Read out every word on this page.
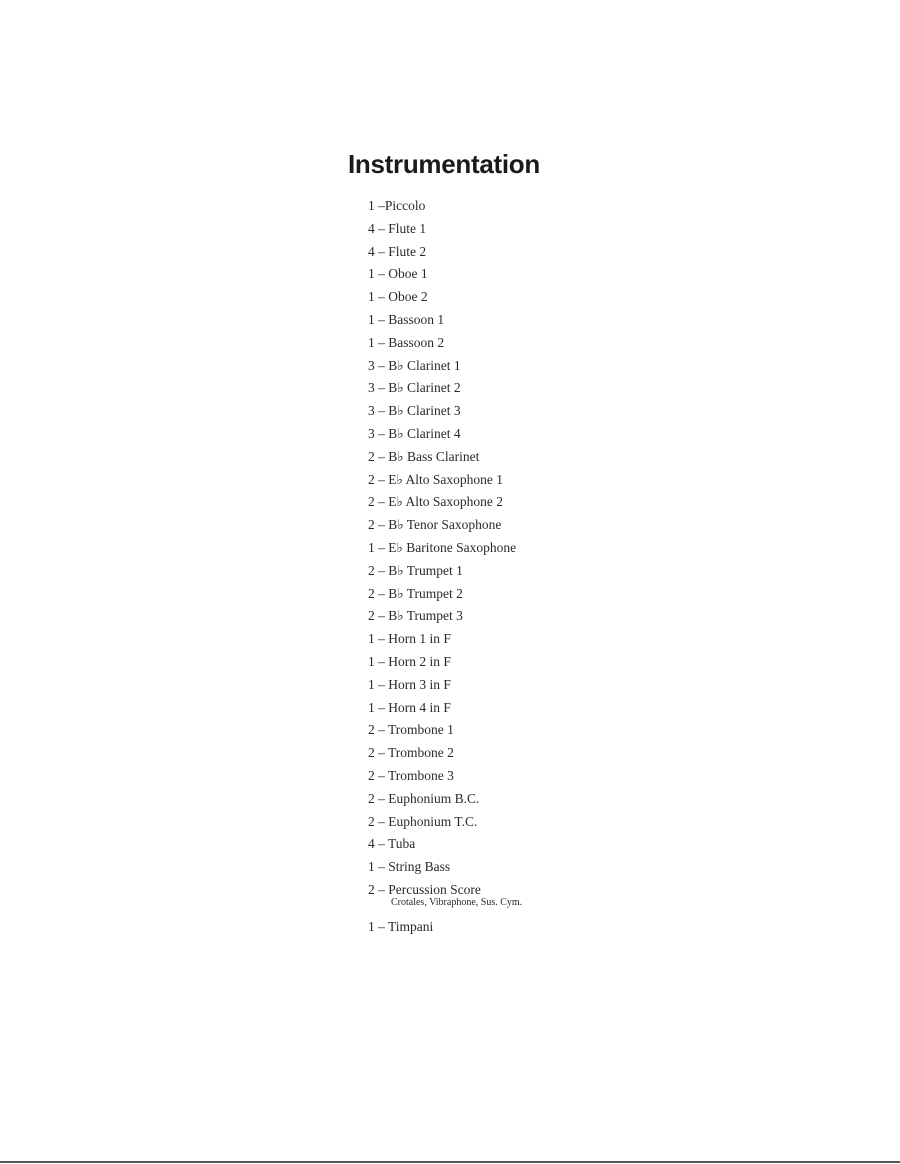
Instrumentation
1 –Piccolo
4 – Flute 1
4 – Flute 2
1 – Oboe 1
1 – Oboe 2
1 – Bassoon 1
1 – Bassoon 2
3 – B♭ Clarinet 1
3 – B♭ Clarinet 2
3 – B♭ Clarinet 3
3 – B♭ Clarinet 4
2 – B♭ Bass Clarinet
2 – E♭ Alto Saxophone 1
2 – E♭ Alto Saxophone 2
2 – B♭ Tenor Saxophone
1 – E♭ Baritone Saxophone
2 – B♭ Trumpet 1
2 – B♭ Trumpet 2
2 – B♭ Trumpet 3
1 – Horn 1 in F
1 – Horn 2 in F
1 – Horn 3 in F
1 – Horn 4 in F
2 – Trombone 1
2 – Trombone 2
2 – Trombone 3
2 – Euphonium B.C.
2 – Euphonium T.C.
4 – Tuba
1 – String Bass
2 – Percussion Score
Crotales, Vibraphone, Sus. Cym.
1 – Timpani
